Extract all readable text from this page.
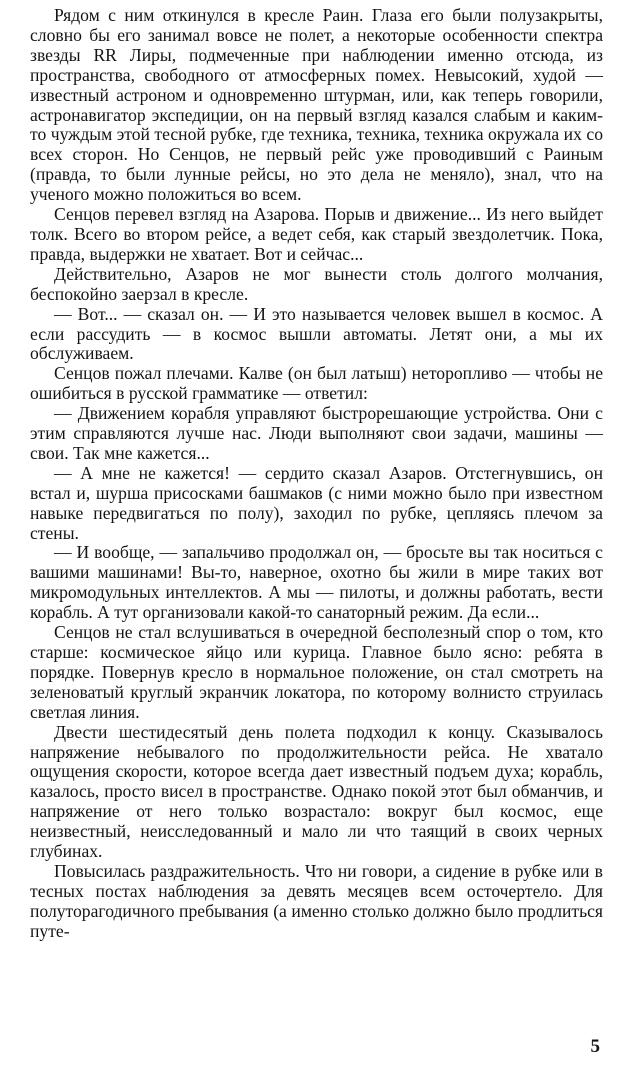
Рядом с ним откинулся в кресле Раин. Глаза его были полузакрыты, словно бы его занимал вовсе не полет, а некоторые особенности спектра звезды RR Лиры, подмеченные при наблюдении именно отсюда, из пространства, свободного от атмосферных помех. Невысокий, худой — известный астроном и одновременно штурман, или, как теперь говорили, астронавигатор экспедиции, он на первый взгляд казался слабым и каким-то чуждым этой тесной рубке, где техника, техника, техника окружала их со всех сторон. Но Сенцов, не первый рейс уже проводивший с Раиным (правда, то были лунные рейсы, но это дела не меняло), знал, что на ученого можно положиться во всем.

Сенцов перевел взгляд на Азарова. Порыв и движение... Из него выйдет толк. Всего во втором рейсе, а ведет себя, как старый звездолетчик. Пока, правда, выдержки не хватает. Вот и сейчас...

Действительно, Азаров не мог вынести столь долгого молчания, беспокойно заерзал в кресле.

— Вот... — сказал он. — И это называется человек вышел в космос. А если рассудить — в космос вышли автоматы. Летят они, а мы их обслуживаем.

Сенцов пожал плечами. Калве (он был латыш) неторопливо — чтобы не ошибиться в русской грамматике — ответил:

— Движением корабля управляют быстрорешающие устройства. Они с этим справляются лучше нас. Люди выполняют свои задачи, машины — свои. Так мне кажется...

— А мне не кажется! — сердито сказал Азаров. Отстегнувшись, он встал и, шурша присосками башмаков (с ними можно было при известном навыке передвигаться по полу), заходил по рубке, цепляясь плечом за стены.

— И вообще, — запальчиво продолжал он, — бросьте вы так носиться с вашими машинами! Вы-то, наверное, охотно бы жили в мире таких вот микромодульных интеллектов. А мы — пилоты, и должны работать, вести корабль. А тут организовали какой-то санаторный режим. Да если...

Сенцов не стал вслушиваться в очередной бесполезный спор о том, кто старше: космическое яйцо или курица. Главное было ясно: ребята в порядке. Повернув кресло в нормальное положение, он стал смотреть на зеленоватый круглый экранчик локатора, по которому волнисто струилась светлая линия.

Двести шестидесятый день полета подходил к концу. Сказывалось напряжение небывалого по продолжительности рейса. Не хватало ощущения скорости, которое всегда дает известный подъем духа; корабль, казалось, просто висел в пространстве. Однако покой этот был обманчив, и напряжение от него только возрастало: вокруг был космос, еще неизвестный, неисследованный и мало ли что таящий в своих черных глубинах.

Повысилась раздражительность. Что ни говори, а сидение в рубке или в тесных постах наблюдения за девять месяцев всем осточертело. Для полуторагодичного пребывания (а именно столько должно было продлиться путе-

5
